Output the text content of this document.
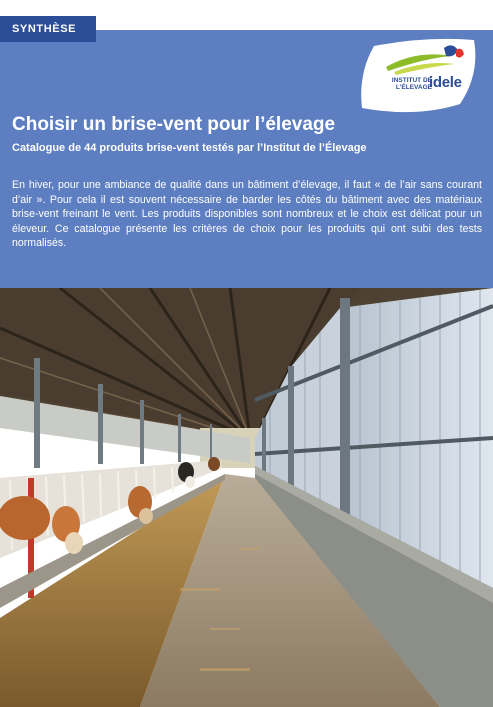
SYNTHÈSE
INSTITUT DE
L'ÉLEVAGE
idele
Choisir un brise-vent pour l’élevage
Catalogue de 44 produits brise-vent testés par l’Institut de l’Élevage

En hiver, pour une ambiance de qualité dans un bâtiment d’élevage, il faut « de l’air sans courant d’air ». Pour cela il est souvent nécessaire de barder les côtés du bâtiment avec des matériaux brise-vent freinant le vent. Les produits disponibles sont nombreux et le choix est délicat pour un éleveur. Ce catalogue présente les critères de choix pour les produits qui ont subi des tests normalisés.
